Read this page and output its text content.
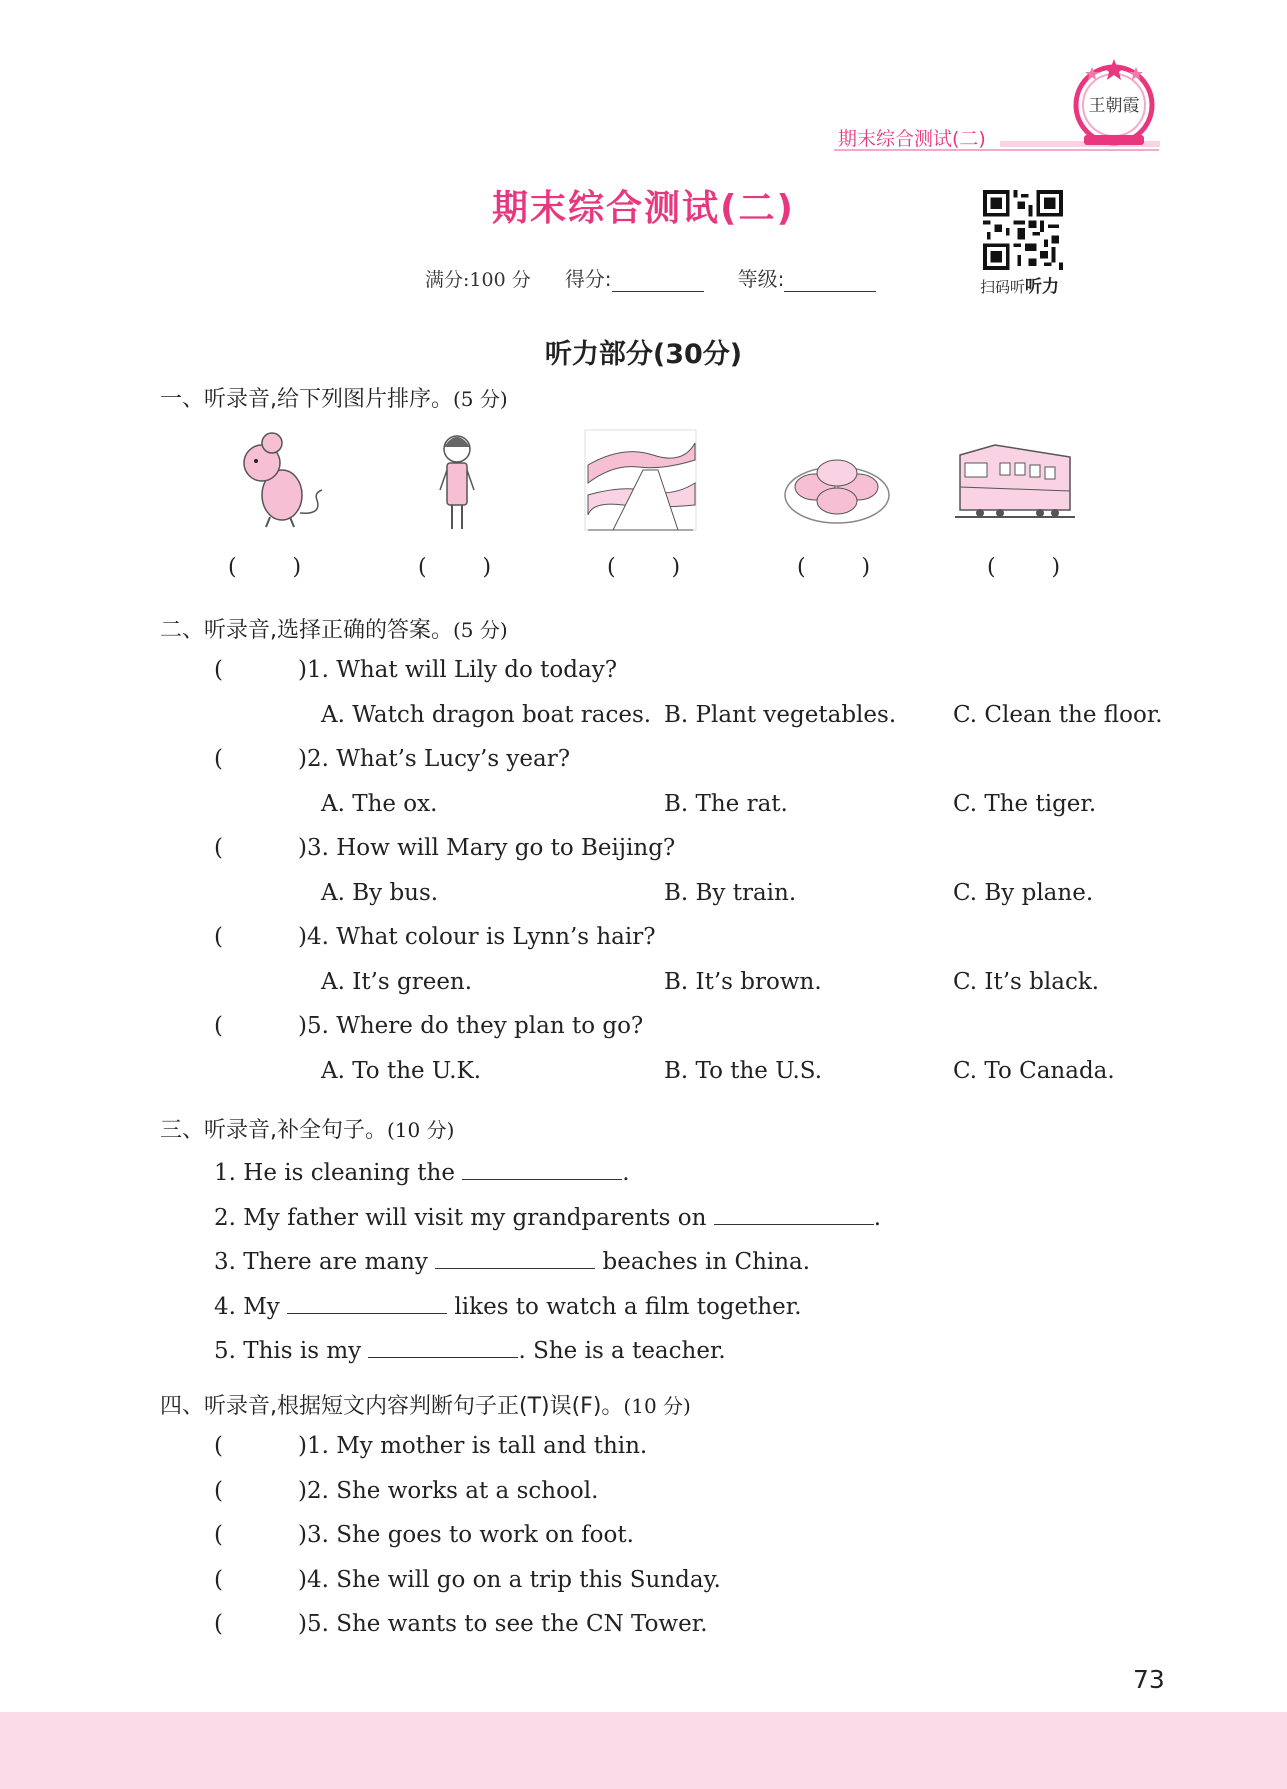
期末综合测试(二)
王朝霞
期末综合测试(二)
满分:100 分 得分:	等级:	扫码听听力
听力部分(30分)
一、听录音,给下列图片排序。(5 分)
(        )	(        )	(        )	(        )	(        )
二、听录音,选择正确的答案。(5 分)
(	)1. What will Lily do today?
A. Watch dragon boat races. B. Plant vegetables. C. Clean the floor.
(	)2. What’s Lucy’s year?
A. The ox.	B. The rat.	C. The tiger.
(	)3. How will Mary go to Beijing?
A. By bus.	B. By train.	C. By plane.
(	)4. What colour is Lynn’s hair?
A. It’s green.	B. It’s brown.	C. It’s black.
(	)5. Where do they plan to go?
A. To the U.K.	B. To the U.S.	C. To Canada.
三、听录音,补全句子。(10 分)
1. He is cleaning the	.
2. My father will visit my grandparents on	.
3. There are many	beaches in China.
4. My	likes to watch a film together.
5. This is my	. She is a teacher.
四、听录音,根据短文内容判断句子正(T)误(F)。(10 分)
(	)1. My mother is tall and thin.
(	)2. She works at a school.
(	)3. She goes to work on foot.
(	)4. She will go on a trip this Sunday.
(	)5. She wants to see the CN Tower.
73
